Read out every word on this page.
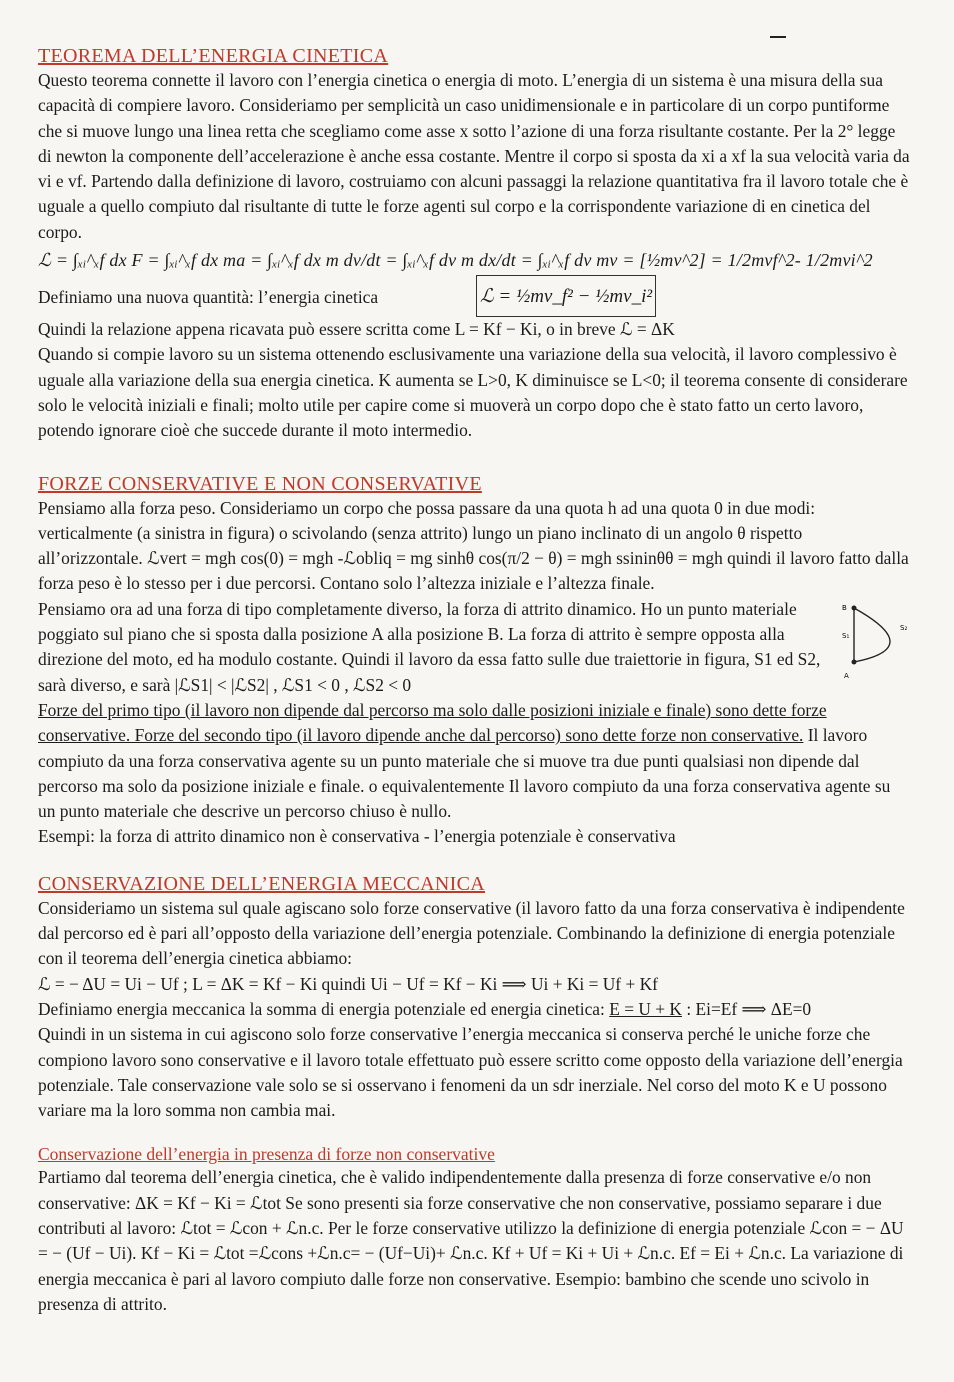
TEOREMA DELL’ENERGIA CINETICA

Questo teorema connette il lavoro con l’energia cinetica o energia di moto. L’energia di un sistema è una misura della sua capacità di compiere lavoro. Consideriamo per semplicità un caso unidimensionale e in particolare di un corpo puntiforme che si muove lungo una linea retta che scegliamo come asse x sotto l’azione di una forza risultante costante. Per la 2° legge di newton la componente dell’accelerazione è anche essa costante. Mentre il corpo si sposta da xi a xf la sua velocità varia da vi e vf. Partendo dalla definizione di lavoro, costruiamo con alcuni passaggi la relazione quantitativa fra il lavoro totale che è uguale a quello compiuto dal risultante di tutte le forze agenti sul corpo e la corrispondente variazione di en cinetica del corpo.

ℒ = ∫ₓᵢ^ₓf dx F = ∫ₓᵢ^ₓf dx ma = ∫ₓᵢ^ₓf dx m dv/dt = ∫ₓᵢ^ₓf dv m dx/dt = ∫ₓᵢ^ₓf dv mv = [½mv^2] = 1/2mvf^2- 1/2mvi^2
Definiamo una nuova quantità: l’energia cinetica	ℒ = ½mv_f² − ½mv_i²

Quindi la relazione appena ricavata può essere scritta come L = Kf − Ki, o in breve ℒ = ΔK

Quando si compie lavoro su un sistema ottenendo esclusivamente una variazione della sua velocità, il lavoro complessivo è uguale alla variazione della sua energia cinetica. K aumenta se L>0, K diminuisce se L<0; il teorema consente di considerare solo le velocità iniziali e finali; molto utile per capire come si muoverà un corpo dopo che è stato fatto un certo lavoro, potendo ignorare cioè che succede durante il moto intermedio.

FORZE CONSERVATIVE E NON CONSERVATIVE

Pensiamo alla forza peso. Consideriamo un corpo che possa passare da una quota h ad una quota 0 in due modi: verticalmente (a sinistra in figura) o scivolando (senza attrito) lungo un piano inclinato di un angolo θ rispetto all’orizzontale. ℒvert = mgh cos(0) = mgh -ℒobliq = mg sinhθ cos(π/2 − θ) = mgh ssininθθ = mgh quindi il lavoro fatto dalla forza peso è lo stesso per i due percorsi. Contano solo l’altezza iniziale e l’altezza finale.

Pensiamo ora ad una forza di tipo completamente diverso, la forza di attrito dinamico. Ho un punto materiale poggiato sul piano che si sposta dalla posizione A alla posizione B. La forza di attrito è sempre opposta alla direzione del moto, ed ha modulo costante. Quindi il lavoro da essa fatto sulle due traiettorie in figura, S1 ed S2, sarà diverso, e sarà |ℒS1| < |ℒS2| , ℒS1 < 0 , ℒS2 < 0

B
A
S₁
S₂

Forze del primo tipo (il lavoro non dipende dal percorso ma solo dalle posizioni iniziale e finale) sono dette forze conservative. Forze del secondo tipo (il lavoro dipende anche dal percorso) sono dette forze non conservative. Il lavoro compiuto da una forza conservativa agente su un punto materiale che si muove tra due punti qualsiasi non dipende dal percorso ma solo da posizione iniziale e finale. o equivalentemente Il lavoro compiuto da una forza conservativa agente su un punto materiale che descrive un percorso chiuso è nullo.

Esempi: la forza di attrito dinamico non è conservativa - l’energia potenziale è conservativa

CONSERVAZIONE DELL’ENERGIA MECCANICA

Consideriamo un sistema sul quale agiscano solo forze conservative (il lavoro fatto da una forza conservativa è indipendente dal percorso ed è pari all’opposto della variazione dell’energia potenziale. Combinando la definizione di energia potenziale con il teorema dell’energia cinetica abbiamo:

ℒ = − ΔU = Ui − Uf ; L = ΔK = Kf − Ki quindi Ui − Uf = Kf − Ki ⟹ Ui + Ki = Uf + Kf

Definiamo energia meccanica la somma di energia potenziale ed energia cinetica: E = U + K : Ei=Ef ⟹ ΔE=0

Quindi in un sistema in cui agiscono solo forze conservative l’energia meccanica si conserva perché le uniche forze che compiono lavoro sono conservative e il lavoro totale effettuato può essere scritto come opposto della variazione dell’energia potenziale. Tale conservazione vale solo se si osservano i fenomeni da un sdr inerziale. Nel corso del moto K e U possono variare ma la loro somma non cambia mai.

Conservazione dell’energia in presenza di forze non conservative

Partiamo dal teorema dell’energia cinetica, che è valido indipendentemente dalla presenza di forze conservative e/o non conservative: ΔK = Kf − Ki = ℒtot Se sono presenti sia forze conservative che non conservative, possiamo separare i due contributi al lavoro: ℒtot = ℒcon + ℒn.c. Per le forze conservative utilizzo la definizione di energia potenziale ℒcon = − ΔU = − (Uf − Ui). Kf − Ki = ℒtot =ℒcons +ℒn.c= − (Uf−Ui)+ ℒn.c. Kf + Uf = Ki + Ui + ℒn.c. Ef = Ei + ℒn.c. La variazione di energia meccanica è pari al lavoro compiuto dalle forze non conservative. Esempio: bambino che scende uno scivolo in presenza di attrito.
